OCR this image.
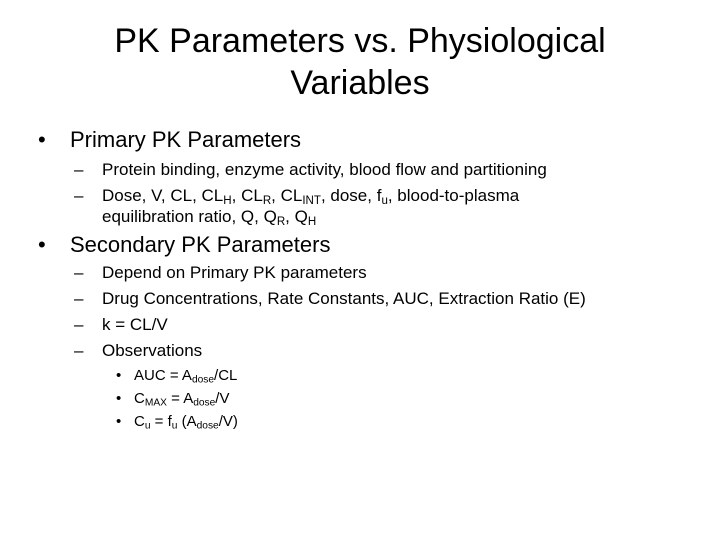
PK Parameters vs. Physiological
Variables
• Primary PK Parameters
– Protein binding, enzyme activity, blood flow and partitioning
– Dose, V, CL, $CL_H$, $CL_R$, $CL_{INT}$, dose, $f_u$, blood-to-plasma
equilibration ratio, Q, $Q_R$, $Q_H$
• Secondary PK Parameters
– Depend on Primary PK parameters
– Drug Concentrations, Rate Constants, AUC, Extraction Ratio (E)
– k = CL/V
– Observations
• AUC = $A_{dose}/CL$
• $C_{MAX} = A_{dose}/V$
• $C_u = f_u$ $(A_{dose}/V)$
